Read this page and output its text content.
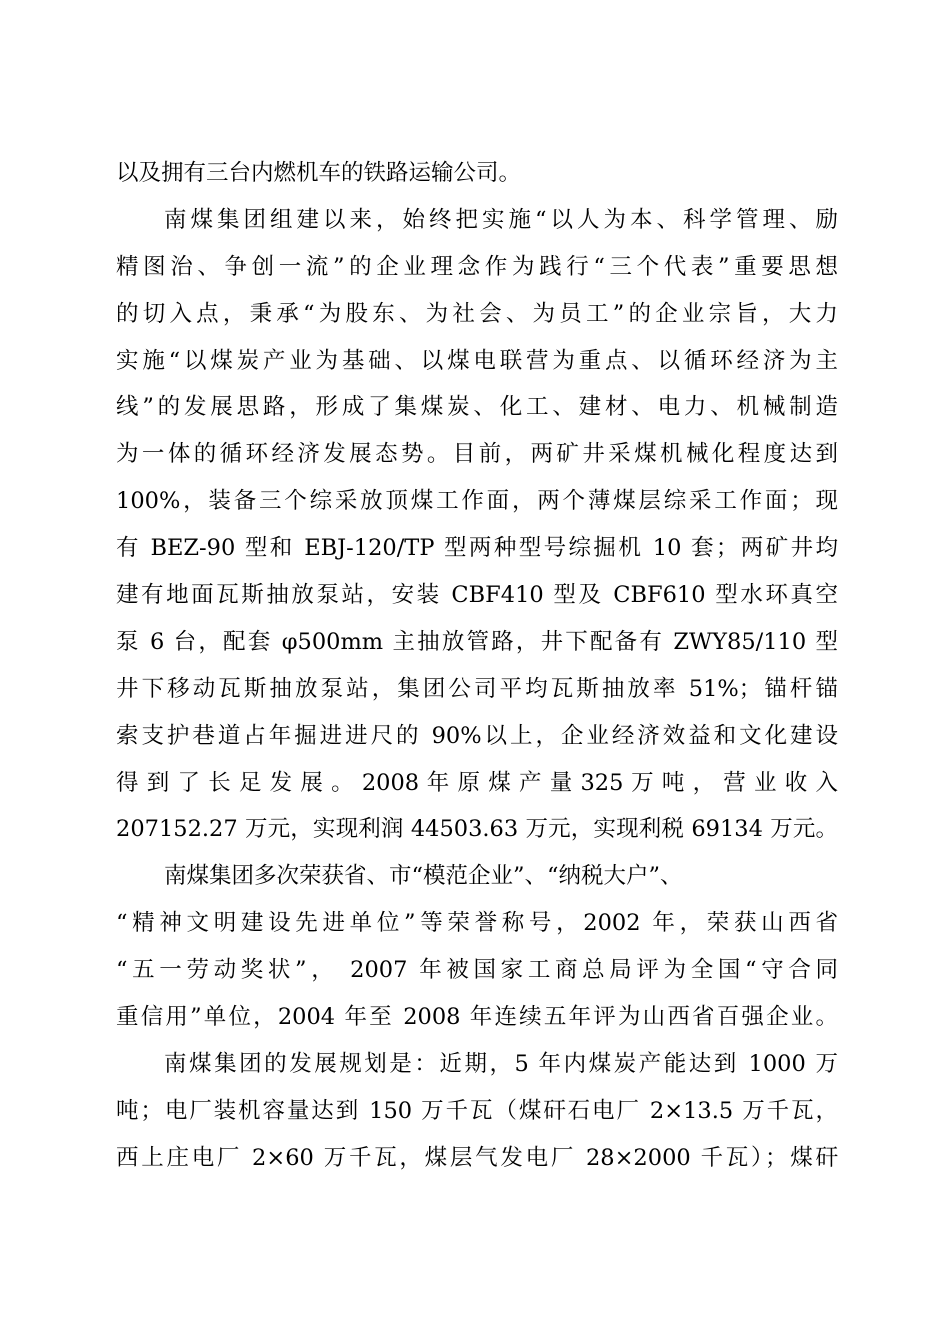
以及拥有三台内燃机车的铁路运输公司。
南煤集团组建以来，始终把实施“以人为本、科学管理、励
精图治、争创一流”的企业理念作为践行“三个代表”重要思想
的切入点，秉承“为股东、为社会、为员工”的企业宗旨，大力
实施“以煤炭产业为基础、以煤电联营为重点、以循环经济为主
线”的发展思路，形成了集煤炭、化工、建材、电力、机械制造
为一体的循环经济发展态势。目前，两矿井采煤机械化程度达到
100%，装备三个综采放顶煤工作面，两个薄煤层综采工作面；现
有 BEZ-90 型和 EBJ-120/TP 型两种型号综掘机 10 套；两矿井均
建有地面瓦斯抽放泵站，安装 CBF410 型及 CBF610 型水环真空
泵 6 台，配套 φ500mm 主抽放管路，井下配备有 ZWY85/110 型
井下移动瓦斯抽放泵站，集团公司平均瓦斯抽放率 51%；锚杆锚
索支护巷道占年掘进进尺的 90%以上，企业经济效益和文化建设
得 到 了 长 足 发 展 。 2008 年 原 煤 产 量 325 万 吨 ， 营 业 收 入
207152.27 万元，实现利润 44503.63 万元，实现利税 69134 万元。
南煤集团多次荣获省、市“模范企业”、“纳税大户”、
“精神文明建设先进单位”等荣誉称号，2002 年，荣获山西省
“五一劳动奖状”， 2007 年被国家工商总局评为全国“守合同
重信用”单位，2004 年至 2008 年连续五年评为山西省百强企业。
南煤集团的发展规划是：近期，5 年内煤炭产能达到 1000 万
吨；电厂装机容量达到 150 万千瓦（煤矸石电厂 2×13.5 万千瓦，
西上庄电厂 2×60 万千瓦，煤层气发电厂 28×2000 千瓦）；煤矸
